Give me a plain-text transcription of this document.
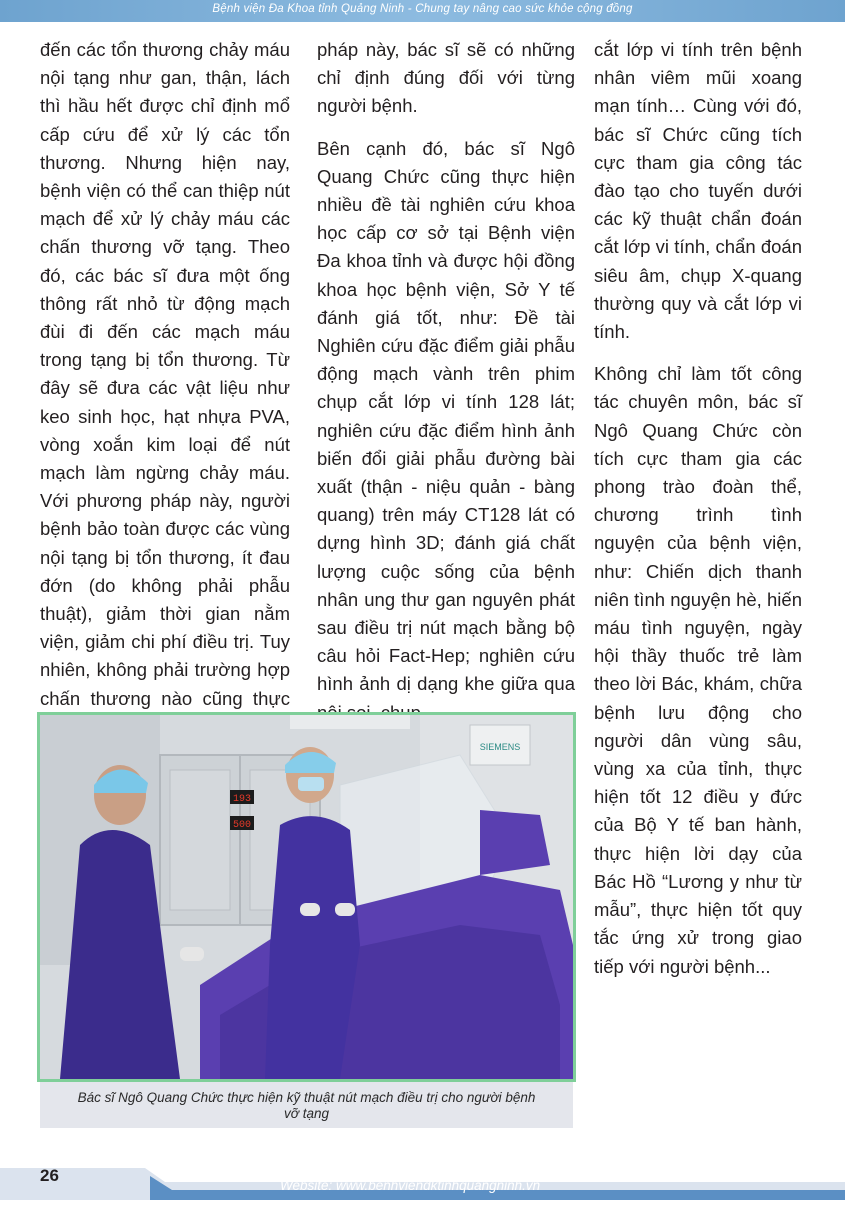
Bệnh viện Đa Khoa tỉnh Quảng Ninh - Chung tay nâng cao sức khỏe cộng đồng

đến các tổn thương chảy máu nội tạng như gan, thận, lách thì hầu hết được chỉ định mổ cấp cứu để xử lý các tổn thương. Nhưng hiện nay, bệnh viện có thể can thiệp nút mạch để xử lý chảy máu các chấn thương vỡ tạng. Theo đó, các bác sĩ đưa một ống thông rất nhỏ từ động mạch đùi đi đến các mạch máu trong tạng bị tổn thương. Từ đây sẽ đưa các vật liệu như keo sinh học, hạt nhựa PVA, vòng xoắn kim loại để nút mạch làm ngừng chảy máu. Với phương pháp này, người bệnh bảo toàn được các vùng nội tạng bị tổn thương, ít đau đớn (do không phải phẫu thuật), giảm thời gian nằm viện, giảm chi phí điều trị. Tuy nhiên, không phải trường hợp chấn thương nào cũng thực

pháp này, bác sĩ sẽ có những chỉ định đúng đối với từng người bệnh.

Bên cạnh đó, bác sĩ Ngô Quang Chức cũng thực hiện nhiều đề tài nghiên cứu khoa học cấp cơ sở tại Bệnh viện Đa khoa tỉnh và được hội đồng khoa học bệnh viện, Sở Y tế đánh giá tốt, như: Đề tài Nghiên cứu đặc điểm giải phẫu động mạch vành trên phim chụp cắt lớp vi tính 128 lát; nghiên cứu đặc điểm hình ảnh biến đổi giải phẫu đường bài xuất (thận - niệu quản - bàng quang) trên máy CT128 lát có dựng hình 3D; đánh giá chất lượng cuộc sống của bệnh nhân ung thư gan nguyên phát sau điều trị nút mạch bằng bộ câu hỏi Fact-Hep; nghiên cứu hình ảnh dị dạng khe giữa qua

cắt lớp vi tính trên bệnh nhân viêm mũi xoang mạn tính… Cùng với đó, bác sĩ Chức cũng tích cực tham gia công tác đào tạo cho tuyến dưới các kỹ thuật chẩn đoán cắt lớp vi tính, chẩn đoán siêu âm, chụp X-quang thường quy và cắt lớp vi tính.

Không chỉ làm tốt công tác chuyên môn, bác sĩ Ngô Quang Chức còn tích cực tham gia các phong trào đoàn thể, chương trình tình nguyện của bệnh viện, như: Chiến dịch thanh niên tình nguyện hè, hiến máu tình nguyện, ngày hội thầy thuốc trẻ làm theo lời Bác, khám, chữa bệnh lưu động cho người dân vùng sâu, vùng xa của tỉnh, thực hiện tốt 12 điều y đức của Bộ Y tế ban hành, thực hiện lời dạy của Bác Hồ “Lương y như từ mẫu”, thực hiện tốt quy tắc ứng xử trong giao tiếp với người bệnh...

193
500
SIEMENS
Bác sĩ Ngô Quang Chức thực hiện kỹ thuật nút mạch điều trị cho người bệnh vỡ tạng
26
Website: www.benhviendktinhquangninh.vn
